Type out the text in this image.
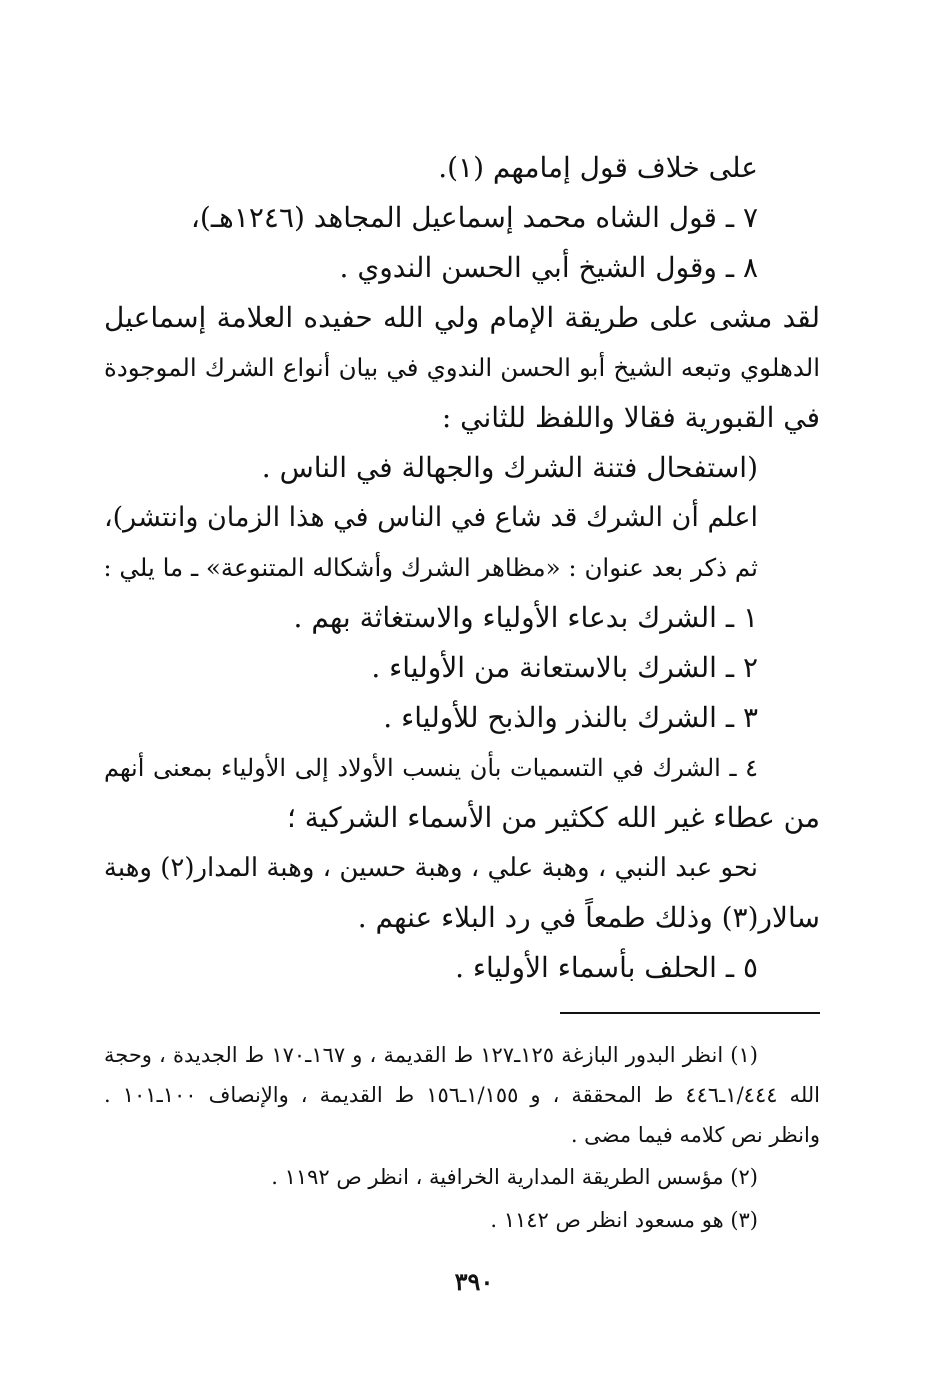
على خلاف قول إمامهم (١).
٧ ـ قول الشاه محمد إسماعيل المجاهد (١٢٤٦هـ)،
٨ ـ وقول الشيخ أبي الحسن الندوي .
لقد مشى على طريقة الإمام ولي الله حفيده العلامة إسماعيل
الدهلوي وتبعه الشيخ أبو الحسن الندوي في بيان أنواع الشرك الموجودة
في القبورية فقالا واللفظ للثاني :
(استفحال فتنة الشرك والجهالة في الناس .
اعلم أن الشرك قد شاع في الناس في هذا الزمان وانتشر)،
ثم ذكر بعد عنوان : «مظاهر الشرك وأشكاله المتنوعة» ـ ما يلي :
١ ـ الشرك بدعاء الأولياء والاستغاثة بهم .
٢ ـ الشرك بالاستعانة من الأولياء .
٣ ـ الشرك بالنذر والذبح للأولياء .
٤ ـ الشرك في التسميات بأن ينسب الأولاد إلى الأولياء بمعنى أنهم
من عطاء غير الله ككثير من الأسماء الشركية ؛
نحو عبد النبي ، وهبة علي ، وهبة حسين ، وهبة المدار(٢) وهبة
سالار(٣) وذلك طمعاً في رد البلاء عنهم .
٥ ـ الحلف بأسماء الأولياء .
(١) انظر البدور البازغة ١٢٥ـ١٢٧ ط القديمة ، و ١٦٧ـ١٧٠ ط الجديدة ، وحجة
الله ١/٤٤٤ـ٤٤٦ ط المحققة ، و ١/١٥٥ـ١٥٦ ط القديمة ، والإنصاف ١٠٠ـ١٠١ .
وانظر نص كلامه فيما مضى .
(٢) مؤسس الطريقة المدارية الخرافية ، انظر ص ١١٩٢ .
(٣) هو مسعود انظر ص ١١٤٢ .
٣٩٠
